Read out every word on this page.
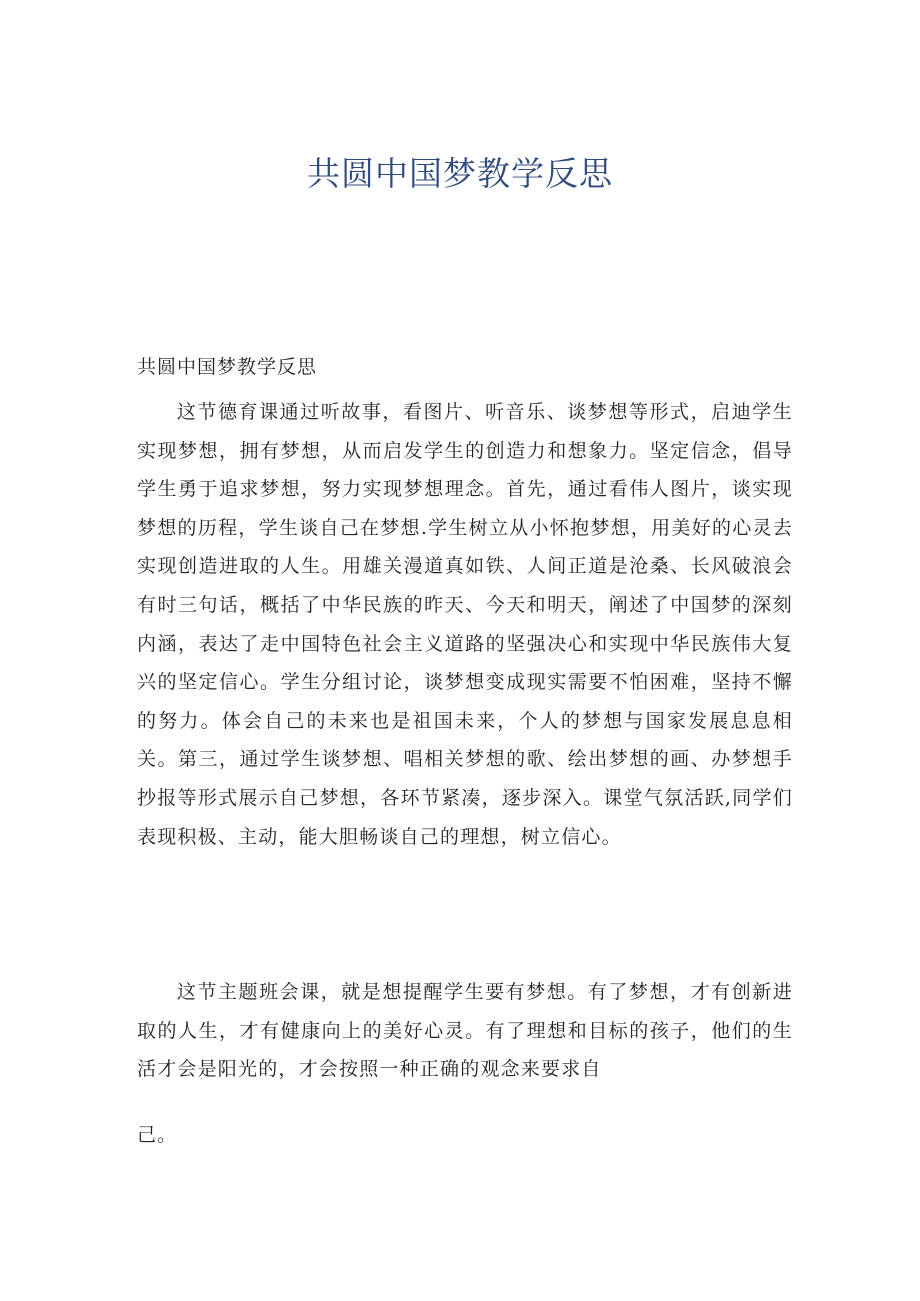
共圆中国梦教学反思
共圆中国梦教学反思

这节德育课通过听故事，看图片、听音乐、谈梦想等形式，启迪学生实现梦想，拥有梦想，从而启发学生的创造力和想象力。坚定信念，倡导学生勇于追求梦想，努力实现梦想理念。首先，通过看伟人图片，谈实现梦想的历程，学生谈自己在梦想.学生树立从小怀抱梦想，用美好的心灵去实现创造进取的人生。用雄关漫道真如铁、人间正道是沧桑、长风破浪会有时三句话，概括了中华民族的昨天、今天和明天，阐述了中国梦的深刻内涵，表达了走中国特色社会主义道路的坚强决心和实现中华民族伟大复兴的坚定信心。学生分组讨论，谈梦想变成现实需要不怕困难，坚持不懈的努力。体会自己的未来也是祖国未来，个人的梦想与国家发展息息相关。第三，通过学生谈梦想、唱相关梦想的歌、绘出梦想的画、办梦想手抄报等形式展示自己梦想，各环节紧凑，逐步深入。课堂气氛活跃,同学们表现积极、主动，能大胆畅谈自己的理想，树立信心。

这节主题班会课，就是想提醒学生要有梦想。有了梦想，才有创新进取的人生，才有健康向上的美好心灵。有了理想和目标的孩子，他们的生活才会是阳光的，才会按照一种正确的观念来要求自

己。
